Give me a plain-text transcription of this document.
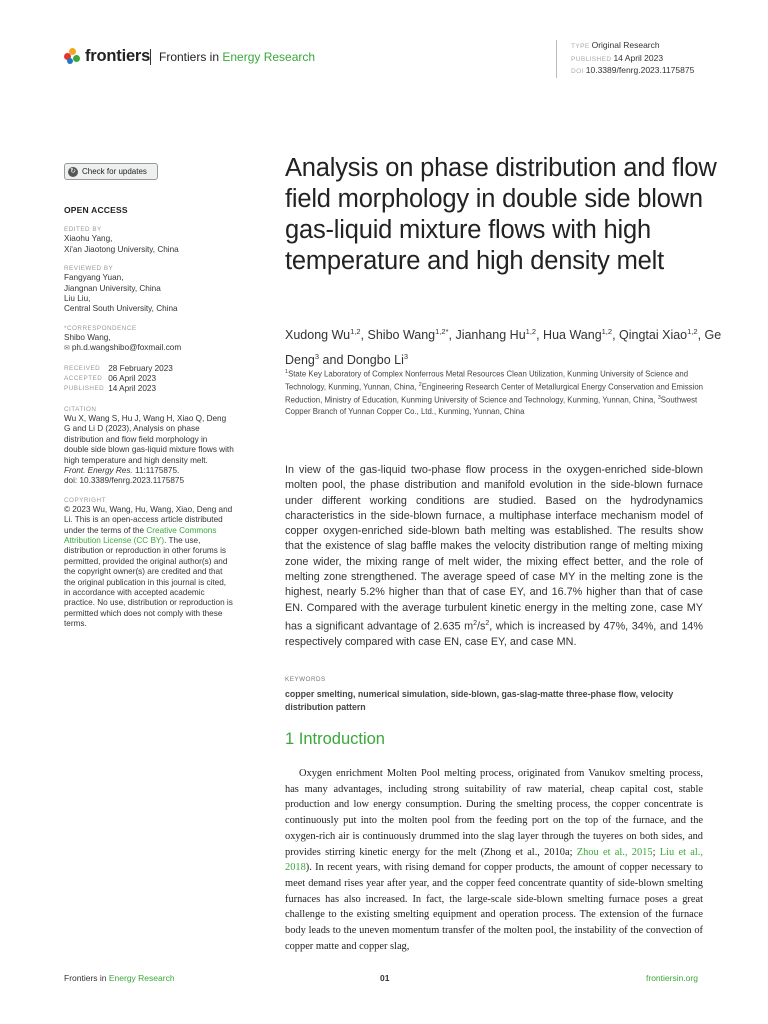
frontiers Frontiers in Energy Research
TYPE Original Research
PUBLISHED 14 April 2023
DOI 10.3389/fenrg.2023.1175875
↻ Check for updates
OPEN ACCESS
EDITED BY
Xiaohu Yang,
Xi'an Jiaotong University, China
REVIEWED BY
Fangyang Yuan,
Jiangnan University, China
Liu Liu,
Central South University, China
*CORRESPONDENCE
Shibo Wang,
✉ ph.d.wangshibo@foxmail.com
RECEIVED 28 February 2023
ACCEPTED 06 April 2023
PUBLISHED 14 April 2023
CITATION
Wu X, Wang S, Hu J, Wang H, Xiao Q, Deng G and Li D (2023), Analysis on phase distribution and flow field morphology in double side blown gas-liquid mixture flows with high temperature and high density melt.
Front. Energy Res. 11:1175875.
doi: 10.3389/fenrg.2023.1175875
COPYRIGHT
© 2023 Wu, Wang, Hu, Wang, Xiao, Deng and Li. This is an open-access article distributed under the terms of the Creative Commons Attribution License (CC BY). The use, distribution or reproduction in other forums is permitted, provided the original author(s) and the copyright owner(s) are credited and that the original publication in this journal is cited, in accordance with accepted academic practice. No use, distribution or reproduction is permitted which does not comply with these terms.
Analysis on phase distribution and flow field morphology in double side blown gas-liquid mixture flows with high temperature and high density melt
Xudong Wu$^{1,2}$, Shibo Wang$^{1,2*}$, Jianhang Hu$^{1,2}$, Hua Wang$^{1,2}$, Qingtai Xiao$^{1,2}$, Ge Deng$^3$ and Dongbo Li$^3$
$^1$State Key Laboratory of Complex Nonferrous Metal Resources Clean Utilization, Kunming University of Science and Technology, Kunming, Yunnan, China, $^2$Engineering Research Center of Metallurgical Energy Conservation and Emission Reduction, Ministry of Education, Kunming University of Science and Technology, Kunming, Yunnan, China, $^3$Southwest Copper Branch of Yunnan Copper Co., Ltd., Kunming, Yunnan, China
In view of the gas-liquid two-phase flow process in the oxygen-enriched side-blown molten pool, the phase distribution and manifold evolution in the side-blown furnace under different working conditions are studied. Based on the hydrodynamics characteristics in the side-blown furnace, a multiphase interface mechanism model of copper oxygen-enriched side-blown bath melting was established. The results show that the existence of slag baffle makes the velocity distribution range of melting mixing zone wider, the mixing range of melt wider, the mixing effect better, and the role of melting zone strengthened. The average speed of case MY in the melting zone is the highest, nearly 5.2% higher than that of case EY, and 16.7% higher than that of case EN. Compared with the average turbulent kinetic energy in the melting zone, case MY has a significant advantage of 2.635 $m^2/s^2$, which is increased by 47%, 34%, and 14% respectively compared with case EN, case EY, and case MN.
KEYWORDS
copper smelting, numerical simulation, side-blown, gas-slag-matte three-phase flow, velocity distribution pattern
1 Introduction
Oxygen enrichment Molten Pool melting process, originated from Vanukov smelting process, has many advantages, including strong suitability of raw material, cheap capital cost, stable production and low energy consumption. During the smelting process, the copper concentrate is continuously put into the molten pool from the feeding port on the top of the furnace, and the oxygen-rich air is continuously drummed into the slag layer through the tuyeres on both sides, and provides stirring kinetic energy for the melt (Zhong et al., 2010a; Zhou et al., 2015; Liu et al., 2018). In recent years, with rising demand for copper products, the amount of copper necessary to meet demand rises year after year, and the copper feed concentrate quantity of side-blown smelting furnaces has also increased. In fact, the large-scale side-blown smelting furnace poses a great challenge to the existing smelting equipment and operation process. The extension of the furnace body leads to the uneven momentum transfer of the molten pool, the instability of the convection of copper matte and copper slag,
Frontiers in Energy Research	01	frontiersin.org
